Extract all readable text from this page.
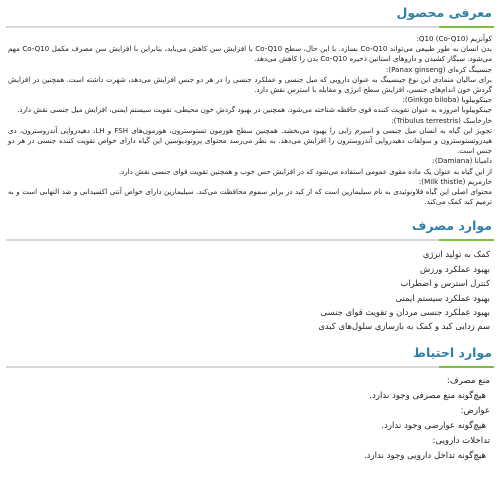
معرفی محصول

کوآنزیم (Q10 (Co-Q10:

بدن انسان به طور طبیعی می‌تواند Co-Q10 بسازد. با این حال، سطح Co-Q10 با افزایش سن کاهش می‌یابد، بنابراین با افزایش سن مصرف مکمل Co-Q10 مهم می‌شود. سیگار کشیدن و داروهای استاتین ذخیره Co-Q10 بدن را کاهش می‌دهد.

جنسینگ کره‌ای (Panax ginseng):

برای سالیان متمادی این نوع جینسینگ به عنوان دارویی که میل جنسی و عملکرد جنسی را در هر دو جنس افزایش می‌دهد، شهرت داشته است. همچنین در افزایش گردش خون اندام‌های جنسی، افزایش سطح انرژی و مقابله با استرس نقش دارد.

جینکوبیلوبا (Ginkgo biloba):

جینکوبیلوبا امروزه به عنوان تقویت کننده قوی حافظه شناخته می‌شود. همچنین در بهبود گردش خون محیطی، تقویت سیستم ایمنی، افزایش میل جنسی نقش دارد.

خارخاسک (Tribulus terrestris):

تجویز این گیاه به انسان میل جنسی و اسپرم زایی را بهبود می‌بخشد. همچنین سطح هورمون تستوسترون، هورمون‌های FSH و LH، دهیدرواپی آندروسترون، دی هیدروتستوسترون و سولفات دهیدرواپی آندروسترون را افزایش می‌دهد. به نظر می‌رسد محتوای پروتودیوسین این گیاه دارای خواص تقویت کننده جنسی در هر دو جنس است.

دامیانا (Damiana):

از این گیاه به عنوان یک ماده مقوی عمومی استفاده می‌شود که در افزایش حس خوب و همچنین تقویت قوای جنسی نقش دارد.

خارمریم (Milk thistle):

محتوای اصلی این گیاه فلاونوئیدی به نام سیلیمارین است که از کبد در برابر سموم محافظت می‌کند. سیلیمارین دارای خواص آنتی اکسیدانی و ضد التهابی است و به ترمیم کبد کمک می‌کند.

موارد مصرف
کمک به تولید انرژی
بهبود عملکرد ورزش
کنترل استرس و اضطراب
بهبود عملکرد سیستم ایمنی
بهبود عملکرد جنسی مردان و تقویت قوای جنسی
سم زدایی کبد و کمک به بازسازی سلول‌های کبدی
موارد احتیاط
منع مصرف:
هیچ‌گونه منع مصرفی وجود ندارد.
عوارض:
هیچ‌گونه عوارضی وجود ندارد.
تداخلات دارویی:
هیچ‌گونه تداخل دارویی وجود ندارد.
